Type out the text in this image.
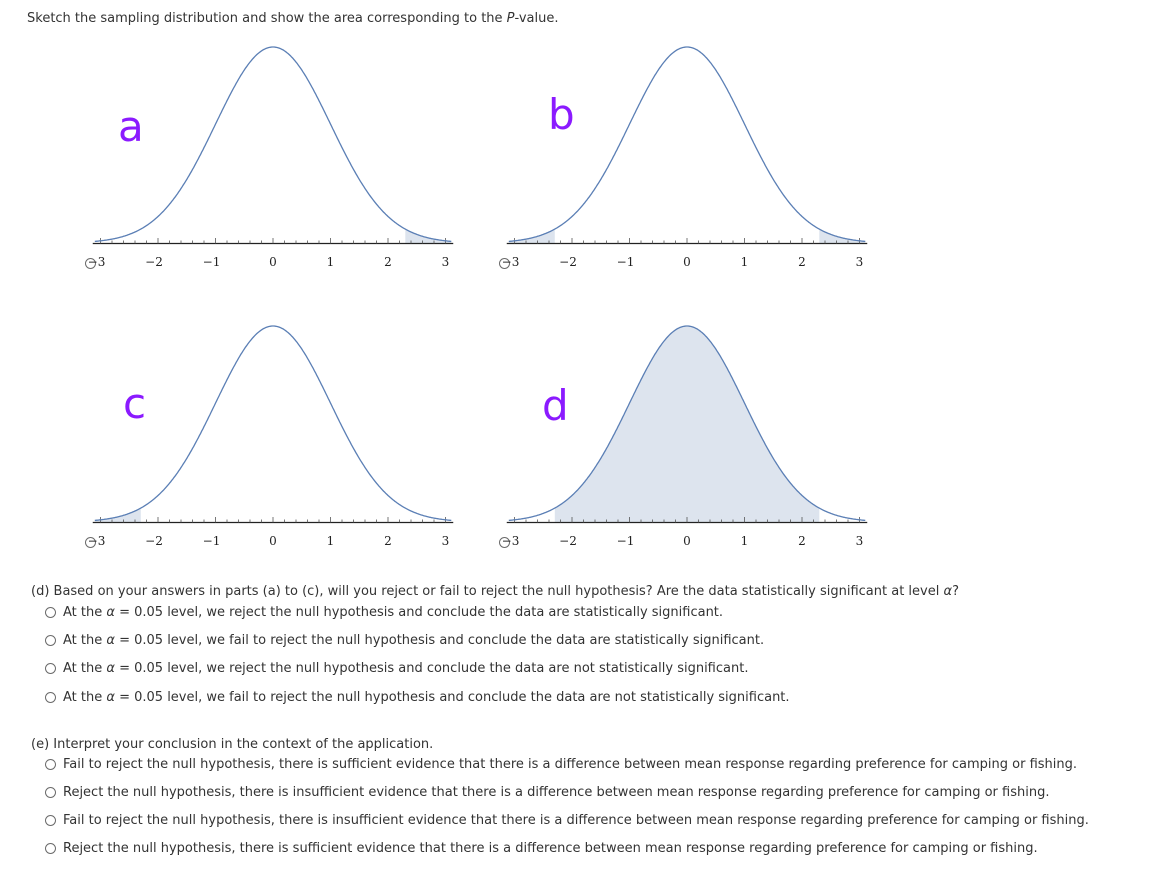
Sketch the sampling distribution and show the area corresponding to the P-value.
−3	−2	−1	0	1	2	3
a
−3	−2	−1	0	1	2	3
b
−3	−2	−1	0	1	2	3
c
−3	−2	−1	0	1	2	3
d
(d) Based on your answers in parts (a) to (c), will you reject or fail to reject the null hypothesis? Are the data statistically significant at level α?
At the α = 0.05 level, we reject the null hypothesis and conclude the data are statistically significant.
At the α = 0.05 level, we fail to reject the null hypothesis and conclude the data are statistically significant.
At the α = 0.05 level, we reject the null hypothesis and conclude the data are not statistically significant.
At the α = 0.05 level, we fail to reject the null hypothesis and conclude the data are not statistically significant.
(e) Interpret your conclusion in the context of the application.
Fail to reject the null hypothesis, there is sufficient evidence that there is a difference between mean response regarding preference for camping or fishing.
Reject the null hypothesis, there is insufficient evidence that there is a difference between mean response regarding preference for camping or fishing.
Fail to reject the null hypothesis, there is insufficient evidence that there is a difference between mean response regarding preference for camping or fishing.
Reject the null hypothesis, there is sufficient evidence that there is a difference between mean response regarding preference for camping or fishing.
